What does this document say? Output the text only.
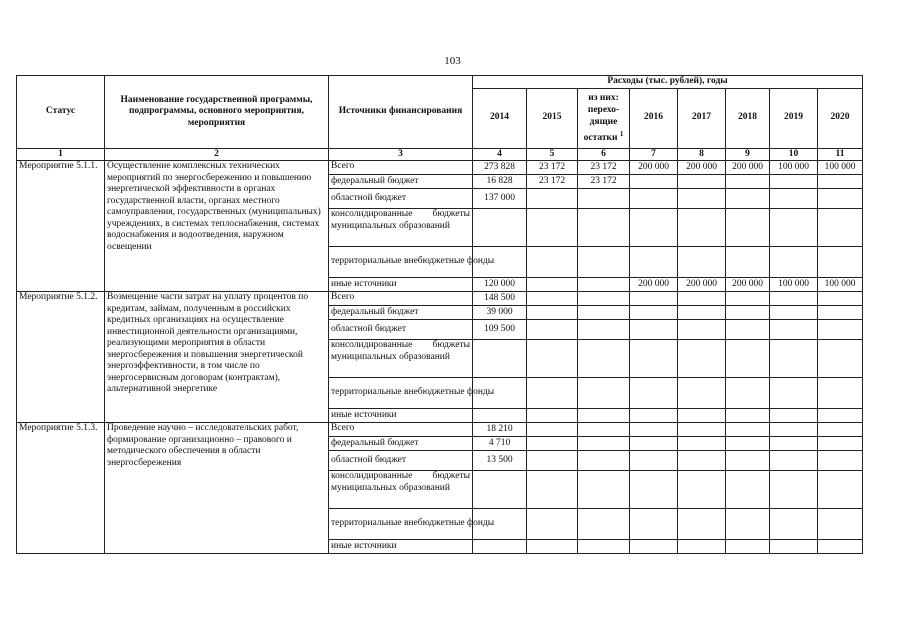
103
Статус	Наименование государственной программы, подпрограммы, основного мероприятия, мероприятия	Источники финансирования	Расходы (тыс. рублей), годы							
			2014	2015	из них:
перехо-
дящие
остатки $^1$	2016	2017	2018	2019	2020

1	2	3	4	5	6	7	8	9	10	11
Мероприятие 5.1.1.	Осуществление комплексных технических мероприятий по энергосбережению и повышению энергетической эффективности в органах государственной власти, органах местного самоуправления, государственных (муниципальных) учреждениях, в системах теплоснабжения, системах водоснабжения и водоотведения, наружном освещении	Всего	273 828	23 172	23 172	200 000	200 000	200 000	100 000	100 000
		федеральный бюджет	16 828	23 172	23 172					
		областной бюджет	137 000							
		консолидированные бюджеты муниципальных образований								
		территориальные внебюджетные фонды								
		иные источники	120 000			200 000	200 000	200 000	100 000	100 000
Мероприятие 5.1.2.	Возмещение части затрат на уплату процентов по кредитам, займам, полученным в российских кредитных организациях на осуществление инвестиционной деятельности организациями, реализующими мероприятия в области энергосбережения и повышения энергетической энергоэффективности, в том числе по энергосервисным договорам (контрактам), альтернативной энергетике	Всего	148 500							
		федеральный бюджет	39 000							
		областной бюджет	109 500							
		консолидированные бюджеты муниципальных образований								
		территориальные внебюджетные фонды								
		иные источники								
Мероприятие 5.1.3.	Проведение научно – исследовательских работ, формирование организационно – правового и методического обеспечения в области энергосбережения	Всего	18 210							
		федеральный бюджет	4 710							
		областной бюджет	13 500							
		консолидированные бюджеты муниципальных образований								
		территориальные внебюджетные фонды								
		иные источники								
